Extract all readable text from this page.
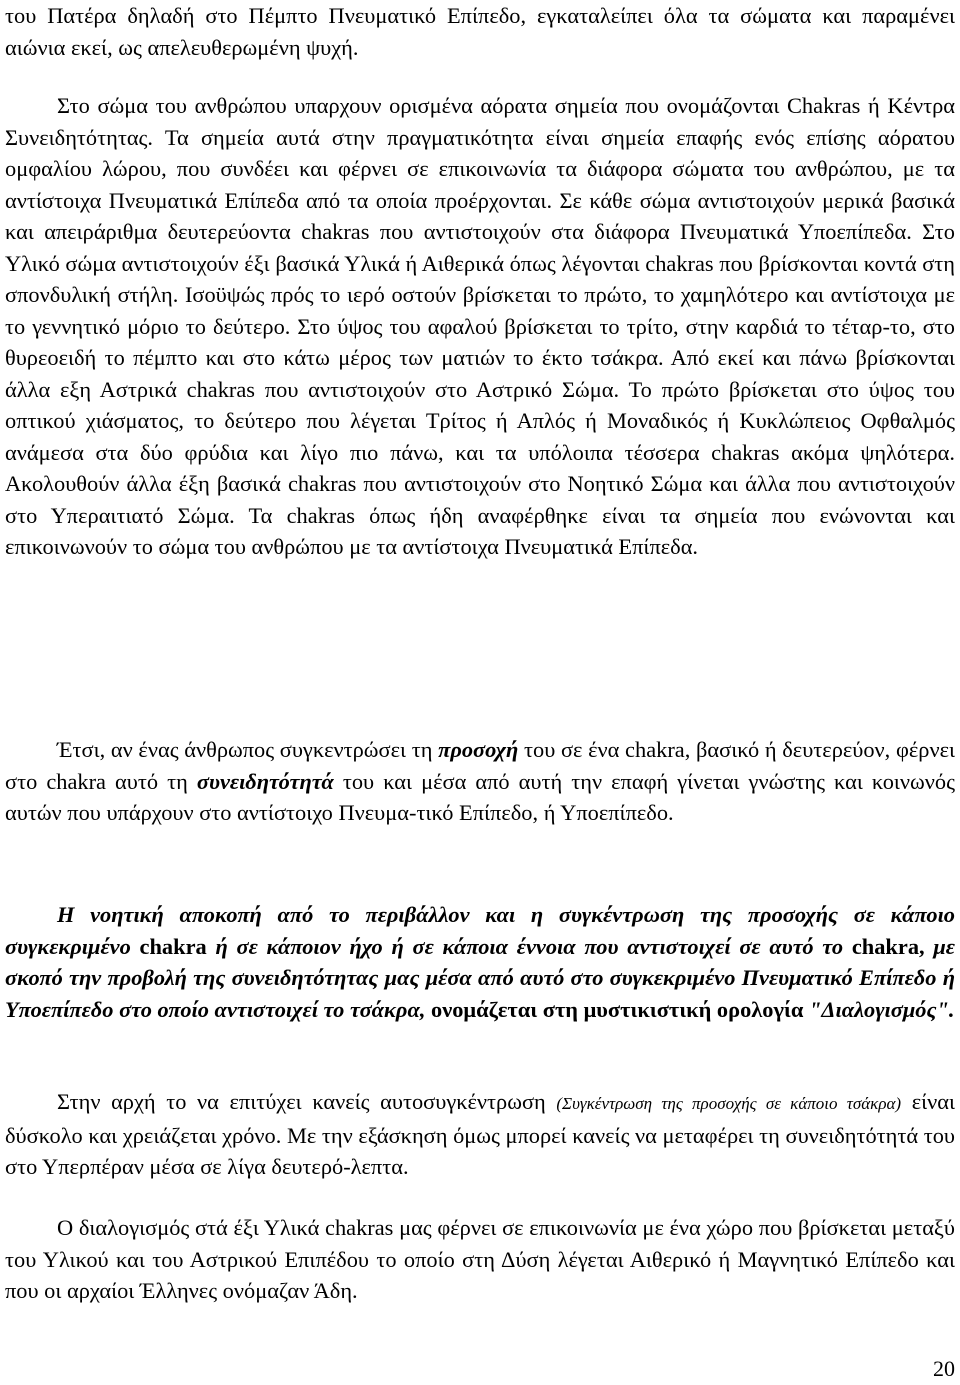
του Πατέρα δηλαδή στο Πέμπτο Πνευματικό Επίπεδο, εγκαταλείπει όλα τα σώματα και παραμένει αιώνια εκεί, ως απελευθερωμένη ψυχή.

Στο σώμα του ανθρώπου υπαρχουν ορισμένα αόρατα σημεία που ονομάζονται Chakras ή Κέντρα Συνειδητότητας. Τα σημεία αυτά στην πραγματικότητα είναι σημεία επαφής ενός επίσης αόρατου ομφαλίου λώρου, που συνδέει και φέρνει σε επικοινωνία τα διάφορα σώματα του ανθρώπου, με τα αντίστοιχα Πνευματικά Επίπεδα από τα οποία προέρχονται. Σε κάθε σώμα αντιστοιχούν μερικά βασικά και απειράριθμα δευτερεύοντα chakras που αντιστοιχούν στα διάφορα Πνευματικά Υποεπίπεδα. Στο Υλικό σώμα αντιστοιχούν έξι βασικά Υλικά ή Αιθερικά όπως λέγονται chakras που βρίσκονται κοντά στη σπονδυλική στήλη. Ισοϋψώς πρός το ιερό οστούν βρίσκεται το πρώτο, το χαμηλότερο και αντίστοιχα με το γεννητικό μόριο το δεύτερο. Στο ύψος του αφαλού βρίσκεται το τρίτο, στην καρδιά το τέταρ-το, στο θυρεοειδή το πέμπτο και στο κάτω μέρος των ματιών το έκτο τσάκρα. Από εκεί και πάνω βρίσκονται άλλα εξη Αστρικά chakras που αντιστοιχούν στο Αστρικό Σώμα. Το πρώτο βρίσκεται στο ύψος του οπτικού χιάσματος, το δεύτερο που λέγεται Τρίτος ή Απλός ή Μοναδικός ή Κυκλώπειος Οφθαλμός ανάμεσα στα δύο φρύδια και λίγο πιο πάνω, και τα υπόλοιπα τέσσερα chakras ακόμα ψηλότερα. Ακολουθούν άλλα έξη βασικά chakras που αντιστοιχούν στο Νοητικό Σώμα και άλλα που αντιστοιχούν στο Υπεραιτιατό Σώμα. Τα chakras όπως ήδη αναφέρθηκε είναι τα σημεία που ενώνονται και επικοινωνούν το σώμα του ανθρώπου με τα αντίστοιχα Πνευματικά Επίπεδα.

Έτσι, αν ένας άνθρωπος συγκεντρώσει τη προσοχή του σε ένα chakra, βασικό ή δευτερεύον, φέρνει στο chakra αυτό τη συνειδητότητά του και μέσα από αυτή την επαφή γίνεται γνώστης και κοινωνός αυτών που υπάρχουν στο αντίστοιχο Πνευμα-τικό Επίπεδο, ή Υποεπίπεδο.

Η νοητική αποκοπή από το περιβάλλον και η συγκέντρωση της προσοχής σε κάποιο συγκεκριμένο chakra ή σε κάποιον ήχο ή σε κάποια έννοια που αντιστοιχεί σε αυτό το chakra, με σκοπό την προβολή της συνειδητότητας μας μέσα από αυτό στο συγκεκριμένο Πνευματικό Επίπεδο ή Υποεπίπεδο στο οποίο αντιστοιχεί το τσάκρα, ονομάζεται στη μυστικιστική ορολογία "Διαλογισμός".

Στην αρχή το να επιτύχει κανείς αυτοσυγκέντρωση (Συγκέντρωση της προσοχής σε κάποιο τσάκρα) είναι δύσκολο και χρειάζεται χρόνο. Με την εξάσκηση όμως μπορεί κανείς να μεταφέρει τη συνειδητότητά του στο Υπερπέραν μέσα σε λίγα δευτερό-λεπτα.

Ο διαλογισμός στά έξι Υλικά chakras μας φέρνει σε επικοινωνία με ένα χώρο που βρίσκεται μεταξύ του Υλικού και του Αστρικού Επιπέδου το οποίο στη Δύση λέγεται Αιθερικό ή Μαγνητικό Επίπεδο και που οι αρχαίοι Έλληνες ονόμαζαν Άδη.

20
